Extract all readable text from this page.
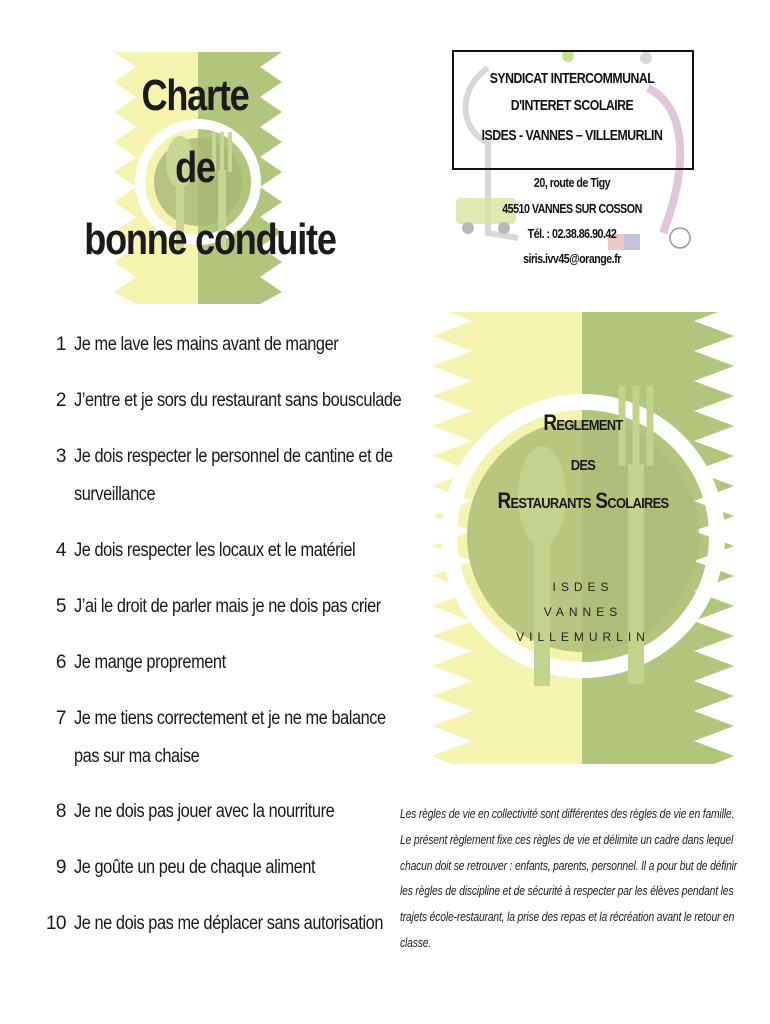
Charte
de
bonne conduite
SYNDICAT INTERCOMMUNAL
D'INTERET SCOLAIRE
ISDES - VANNES – VILLEMURLIN
20, route de Tigy
45510 VANNES SUR COSSON
Tél. : 02.38.86.90.42
siris.ivv45@orange.fr
1 Je me lave les mains avant de manger
2 J’entre et je sors du restaurant sans bousculade
3 Je dois respecter le personnel de cantine et de
surveillance
4 Je dois respecter les locaux et le matériel
5 J’ai le droit de parler mais je ne dois pas crier
6 Je mange proprement
7 Je me tiens correctement et je ne me balance
pas sur ma chaise
8 Je ne dois pas jouer avec la nourriture
9 Je goûte un peu de chaque aliment
10 Je ne dois pas me déplacer sans autorisation
Reglement
des
Restaurants Scolaires
ISDES
VANNES
VILLEMURLIN
Les règles de vie en collectivité sont différentes des règles de vie en famille.
Le présent règlement fixe ces règles de vie et délimite un cadre dans lequel
chacun doit se retrouver : enfants, parents, personnel. Il a pour but de définir
les règles de discipline et de sécurité à respecter par les élèves pendant les
trajets école-restaurant, la prise des repas et la récréation avant le retour en
classe.
